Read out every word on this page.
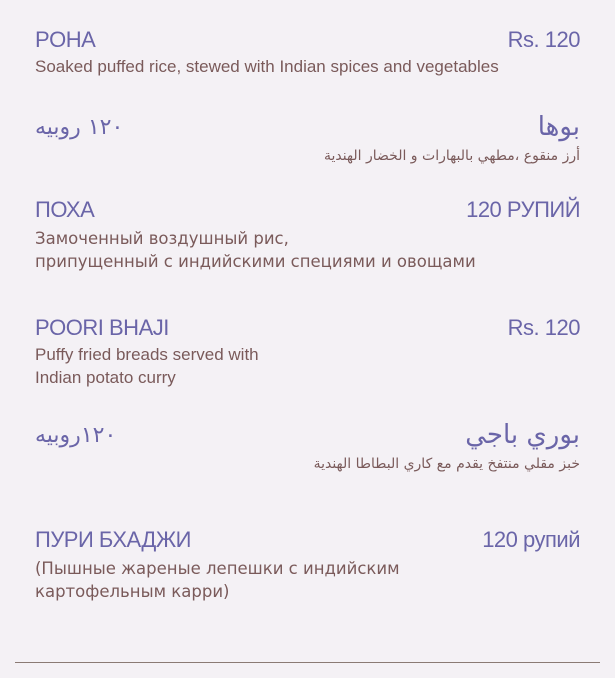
POHA	Rs. 120
Soaked puffed rice, stewed with Indian spices and vegetables
١٢٠ روبيه	بوها
أرز منقوع ،مطهي بالبهارات و الخضار الهندية
ПОХА	120 РУПИЙ
Замоченный воздушный рис,
припущенный с индийскими специями и овощами
POORI BHAJI	Rs. 120
Puffy fried breads served with
Indian potato curry
١٢٠روبيه	بوري باجي
خبز مقلي منتفخ يقدم مع كاري البطاطا الهندية
ПУРИ БХАДЖИ	120 рупий
(Пышные жареные лепешки с индийским
картофельным карри)
